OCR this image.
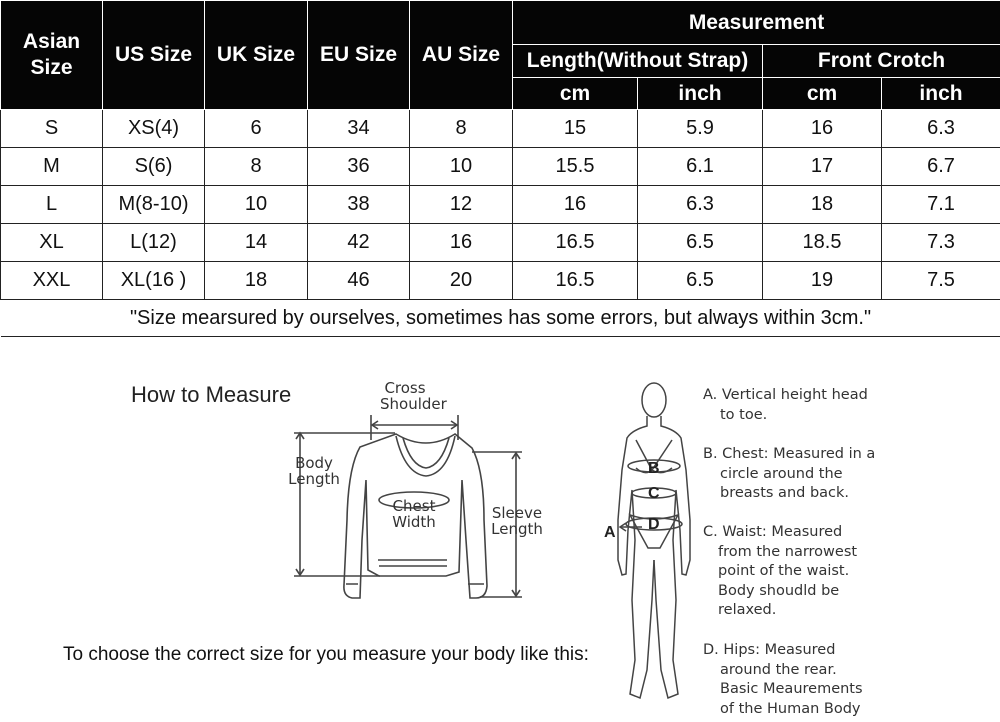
Asian Size	US Size	UK Size	EU Size	AU Size	Measurement			
					Length(Without Strap)		Front Crotch	
					cm	inch	cm	inch
S	XS(4)	6	34	8	15	5.9	16	6.3
M	S(6)	8	36	10	15.5	6.1	17	6.7
L	M(8-10)	10	38	12	16	6.3	18	7.1
XL	L(12)	14	42	16	16.5	6.5	18.5	7.3
XXL	XL(16 )	18	46	20	16.5	6.5	19	7.5
"Size mearsured by ourselves, sometimes has some errors, but always within 3cm."								
How to Measure	Cross
Shoulder
Body
Length
Chest
Width	Sleeve
Length
B
C
D
A
To choose the correct size for you measure your body like this:
A. Vertical height head
to toe.
B. Chest: Measured in a
circle around the
breasts and back.
C. Waist: Measured
from the narrowest
point of the waist.
Body shoudld be
relaxed.
D. Hips: Measured
around the rear.
Basic Meaurements
of the Human Body
